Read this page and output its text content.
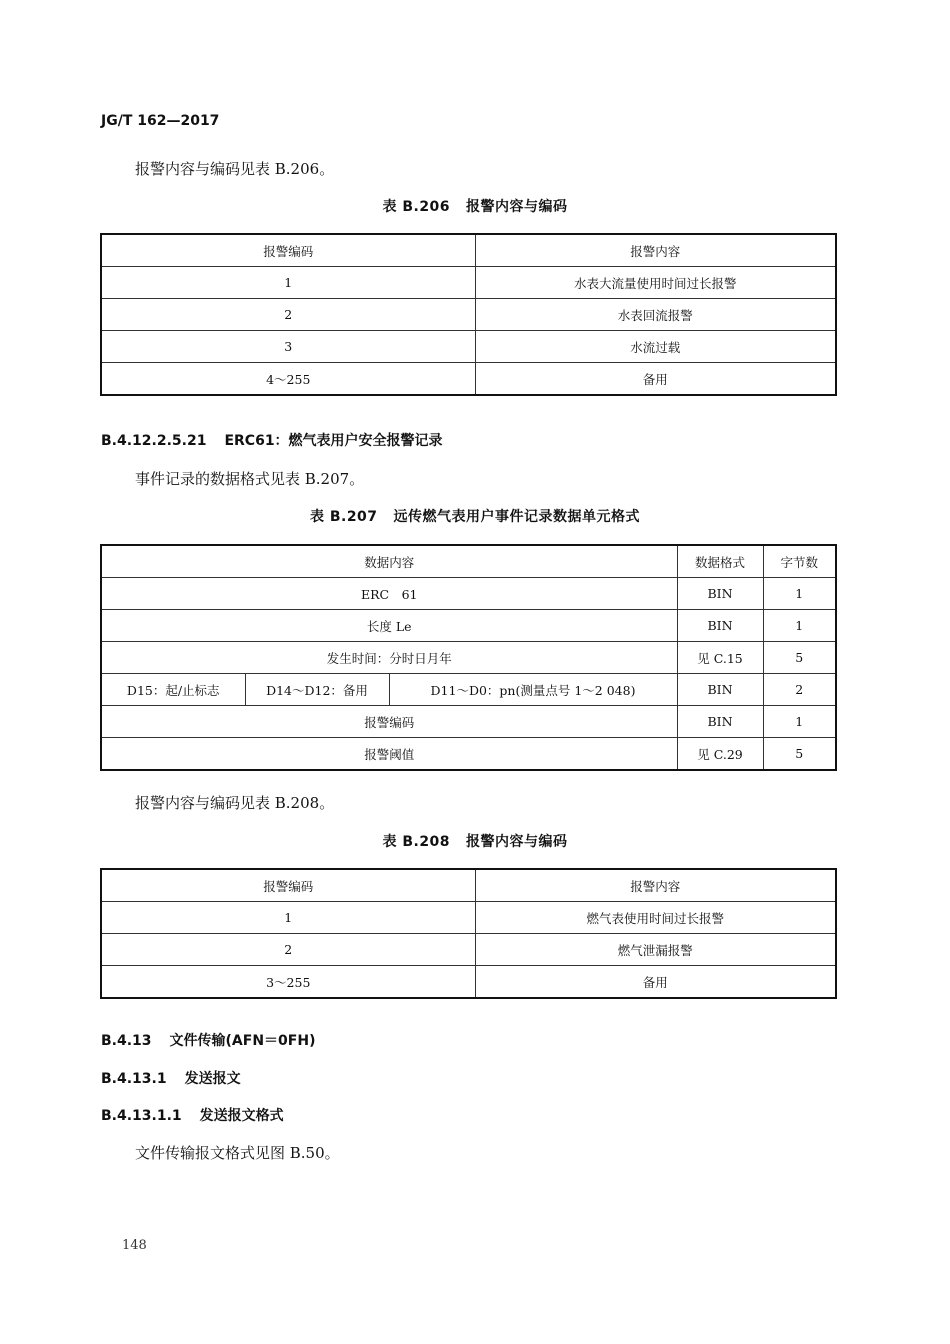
JG/T 162—2017
报警内容与编码见表 B.206。
表 B.206 报警内容与编码
报警编码	报警内容
1	水表大流量使用时间过长报警
2	水表回流报警
3	水流过载
4～255	备用
B.4.12.2.5.21 ERC61：燃气表用户安全报警记录
事件记录的数据格式见表 B.207。
表 B.207 远传燃气表用户事件记录数据单元格式
数据内容			数据格式	字节数
ERC　61			BIN	1
长度 Le			BIN	1
发生时间：分时日月年			见 C.15	5
D15：起/止标志	D14～D12：备用	D11～D0：pn(测量点号 1～2 048)	BIN	2
报警编码			BIN	1
报警阈值			见 C.29	5
报警内容与编码见表 B.208。
表 B.208 报警内容与编码
报警编码	报警内容
1	燃气表使用时间过长报警
2	燃气泄漏报警
3～255	备用
B.4.13 文件传输(AFN＝0FH)
B.4.13.1 发送报文
B.4.13.1.1 发送报文格式
文件传输报文格式见图 B.50。
148
